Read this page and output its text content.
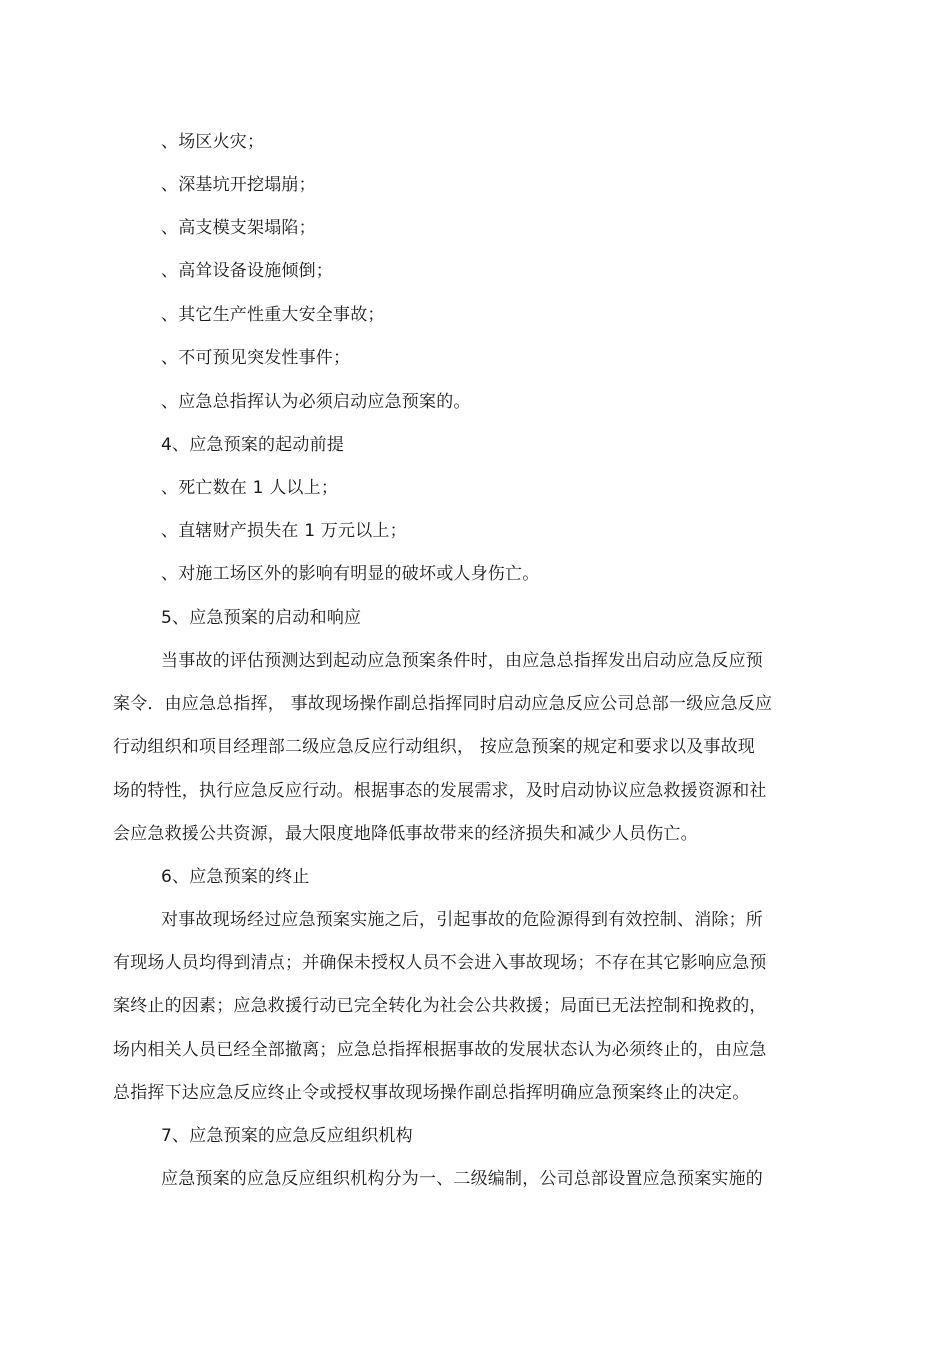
、场区火灾；
、深基坑开挖塌崩；
、高支模支架塌陷；
、高耸设备设施倾倒；
、其它生产性重大安全事故；
、不可预见突发性事件；
、应急总指挥认为必须启动应急预案的。
4、应急预案的起动前提
、死亡数在 1 人以上；
、直辖财产损失在 1 万元以上；
、对施工场区外的影响有明显的破坏或人身伤亡。
5、应急预案的启动和响应
当事故的评估预测达到起动应急预案条件时，由应急总指挥发出启动应急反应预
案令．由应急总指挥， 事故现场操作副总指挥同时启动应急反应公司总部一级应急反应
行动组织和项目经理部二级应急反应行动组织， 按应急预案的规定和要求以及事故现
场的特性，执行应急反应行动。根据事态的发展需求，及时启动协议应急救援资源和社
会应急救援公共资源，最大限度地降低事故带来的经济损失和减少人员伤亡。
6、应急预案的终止
对事故现场经过应急预案实施之后，引起事故的危险源得到有效控制、消除；所
有现场人员均得到清点；并确保未授权人员不会进入事故现场；不存在其它影响应急预
案终止的因素；应急救援行动已完全转化为社会公共救援；局面已无法控制和挽救的，
场内相关人员已经全部撤离；应急总指挥根据事故的发展状态认为必须终止的，由应急
总指挥下达应急反应终止令或授权事故现场操作副总指挥明确应急预案终止的决定。
7、应急预案的应急反应组织机构
应急预案的应急反应组织机构分为一、二级编制，公司总部设置应急预案实施的
